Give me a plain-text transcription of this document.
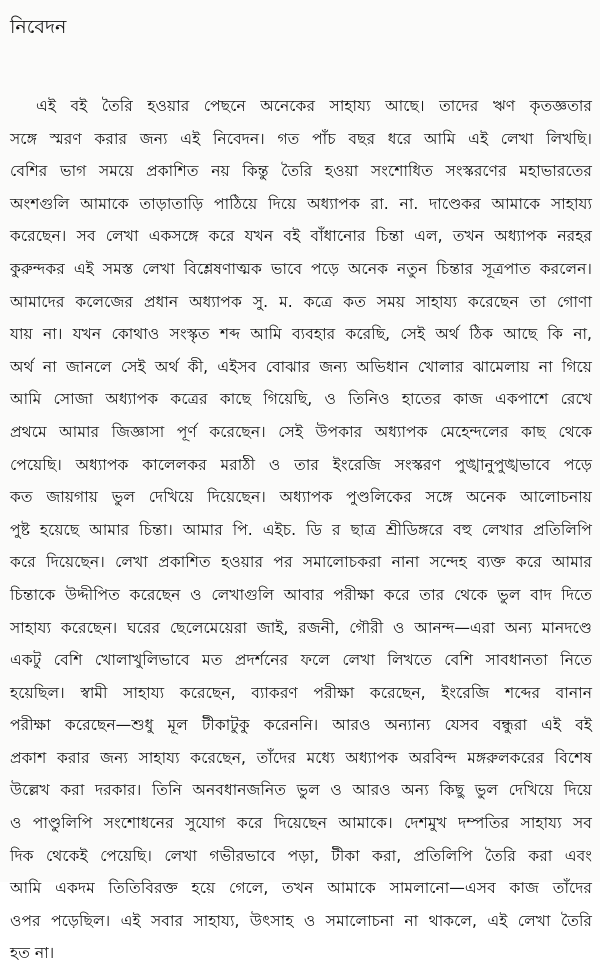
নিবেদন
এই বই তৈরি হওয়ার পেছনে অনেকের সাহায্য আছে। তাদের ঋণ কৃতজ্ঞতার
সঙ্গে স্মরণ করার জন্য এই নিবেদন। গত পাঁচ বছর ধরে আমি এই লেখা লিখছি।
বেশির ভাগ সময়ে প্রকাশিত নয় কিন্তু তৈরি হওয়া সংশোধিত সংস্করণের মহাভারতের
অংশগুলি আমাকে তাড়াতাড়ি পাঠিয়ে দিয়ে অধ্যাপক রা. না. দাণ্ডেকর আমাকে সাহায্য
করেছেন। সব লেখা একসঙ্গে করে যখন বই বাঁধানোর চিন্তা এল, তখন অধ্যাপক নরহর
কুরুন্দকর এই সমস্ত লেখা বিশ্লেষণাত্মক ভাবে পড়ে অনেক নতুন চিন্তার সূত্রপাত করলেন।
আমাদের কলেজের প্রধান অধ্যাপক সু. ম. কত্রে কত সময় সাহায্য করেছেন তা গোণা
যায় না। যখন কোথাও সংস্কৃত শব্দ আমি ব্যবহার করেছি, সেই অর্থ ঠিক আছে কি না,
অর্থ না জানলে সেই অর্থ কী, এইসব বোঝার জন্য অভিধান খোলার ঝামেলায় না গিয়ে
আমি সোজা অধ্যাপক কত্রের কাছে গিয়েছি, ও তিনিও হাতের কাজ একপাশে রেখে
প্রথমে আমার জিজ্ঞাসা পূর্ণ করেছেন। সেই উপকার অধ্যাপক মেহেন্দলের কাছ থেকে
পেয়েছি। অধ্যাপক কালেলকর মরাঠী ও তার ইংরেজি সংস্করণ পুঙ্খানুপুঙ্খভাবে পড়ে
কত জায়গায় ভুল দেখিয়ে দিয়েছেন। অধ্যাপক পুণ্ডলিকের সঙ্গে অনেক আলোচনায়
পুষ্ট হয়েছে আমার চিন্তা। আমার পি. এইচ. ডি র ছাত্র শ্রীডিঙ্গরে বহু লেখার প্রতিলিপি
করে দিয়েছেন। লেখা প্রকাশিত হওয়ার পর সমালোচকরা নানা সন্দেহ ব্যক্ত করে আমার
চিন্তাকে উদ্দীপিত করেছেন ও লেখাগুলি আবার পরীক্ষা করে তার থেকে ভুল বাদ দিতে
সাহায্য করেছেন। ঘরের ছেলেমেয়েরা জাই, রজনী, গৌরী ও আনন্দ—এরা অন্য মানদণ্ডে
একটু বেশি খোলাখুলিভাবে মত প্রদর্শনের ফলে লেখা লিখতে বেশি সাবধানতা নিতে
হয়েছিল। স্বামী সাহায্য করেছেন, ব্যাকরণ পরীক্ষা করেছেন, ইংরেজি শব্দের বানান
পরীক্ষা করেছেন—শুধু মূল টীকাটুকু করেননি। আরও অন্যান্য যেসব বন্ধুরা এই বই
প্রকাশ করার জন্য সাহায্য করেছেন, তাঁদের মধ্যে অধ্যাপক অরবিন্দ মঙ্গরুলকরের বিশেষ
উল্লেখ করা দরকার। তিনি অনবধানজনিত ভুল ও আরও অন্য কিছু ভুল দেখিয়ে দিয়ে
ও পাণ্ডুলিপি সংশোধনের সুযোগ করে দিয়েছেন আমাকে। দেশমুখ দম্পতির সাহায্য সব
দিক থেকেই পেয়েছি। লেখা গভীরভাবে পড়া, টীকা করা, প্রতিলিপি তৈরি করা এবং
আমি একদম তিতিবিরক্ত হয়ে গেলে, তখন আমাকে সামলানো—এসব কাজ তাঁদের
ওপর পড়েছিল। এই সবার সাহায্য, উৎসাহ ও সমালোচনা না থাকলে, এই লেখা তৈরি
হত না।
